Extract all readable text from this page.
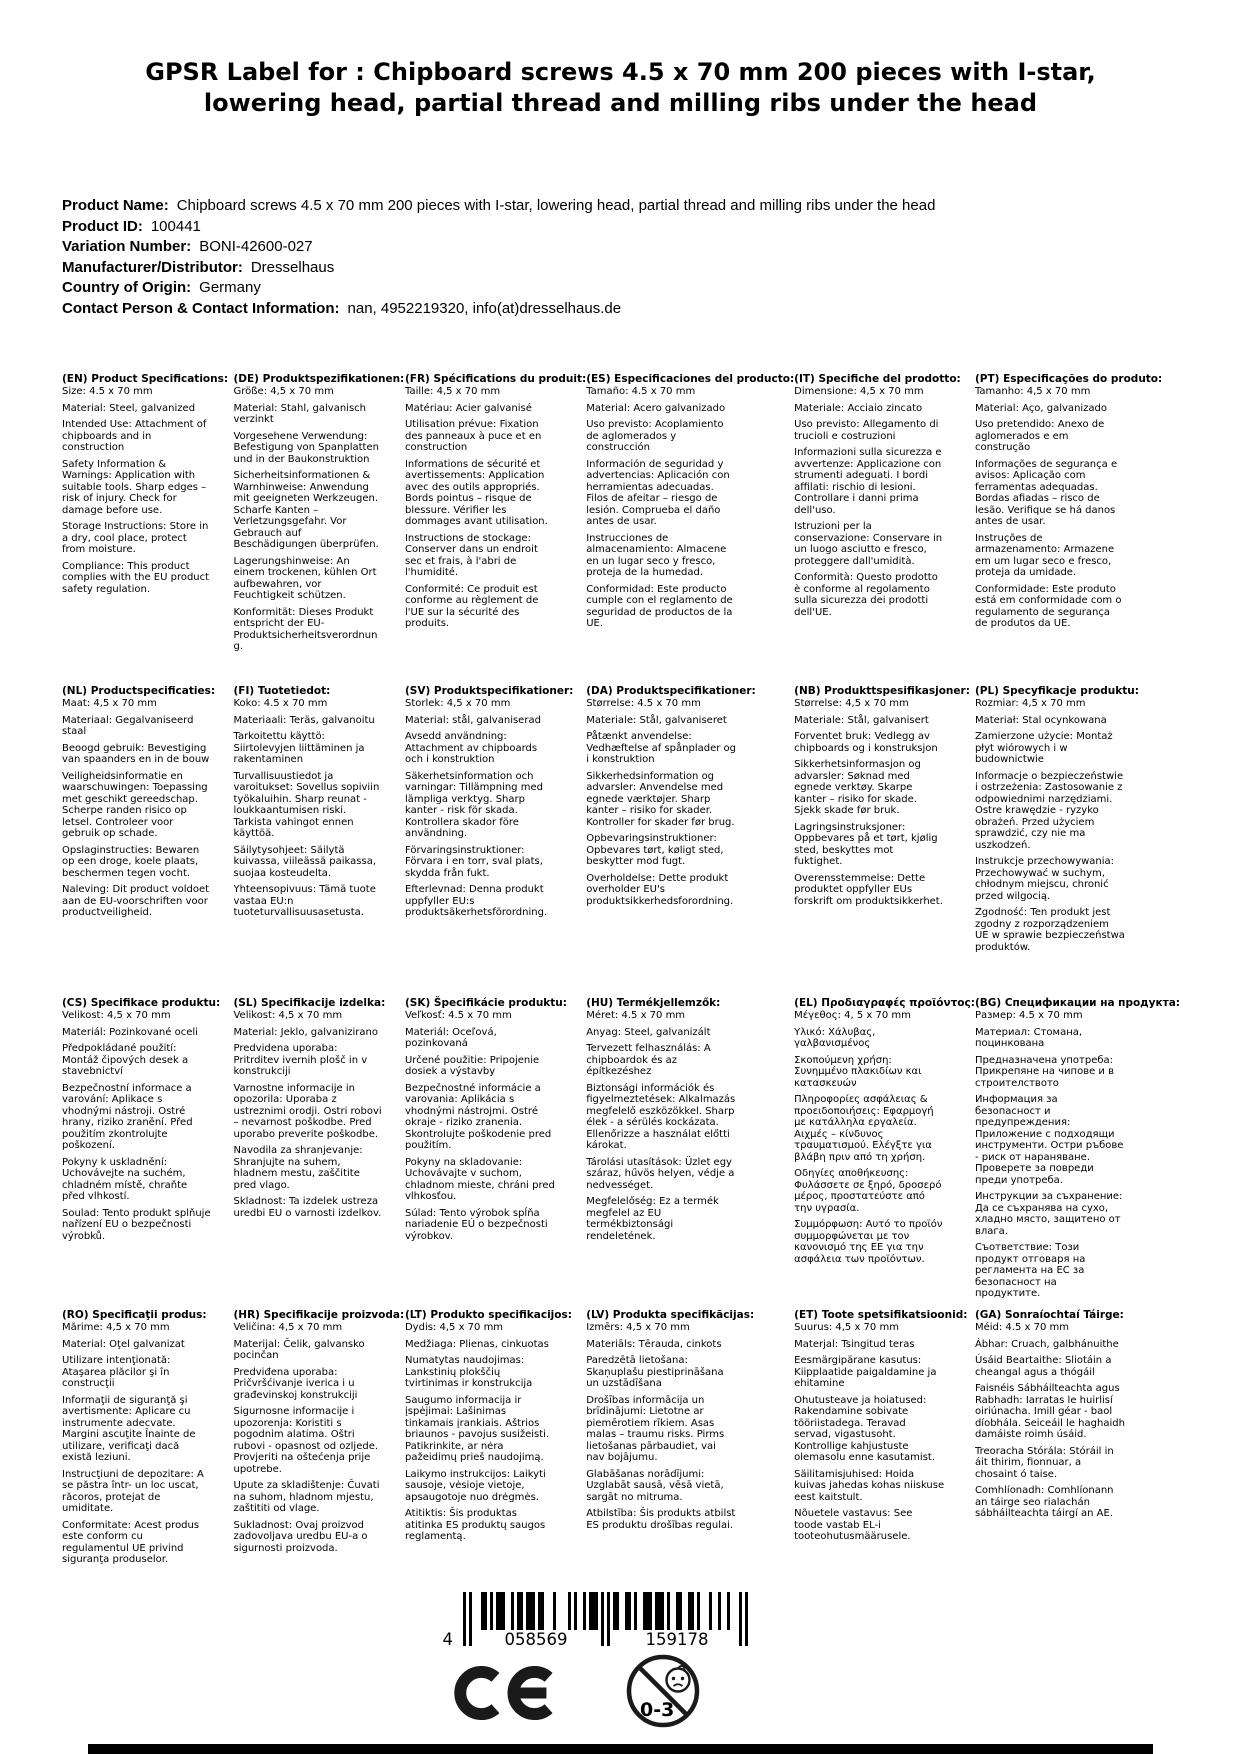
GPSR Label for : Chipboard screws 4.5 x 70 mm 200 pieces with I-star, lowering head, partial thread and milling ribs under the head
Product Name: Chipboard screws 4.5 x 70 mm 200 pieces with I-star, lowering head, partial thread and milling ribs under the head
Product ID: 100441
Variation Number: BONI-42600-027
Manufacturer/Distributor: Dresselhaus
Country of Origin: Germany
Contact Person & Contact Information: nan, 4952219320, info(at)dresselhaus.de
(EN) Product Specifications:

Size: 4.5 x 70 mm

Material: Steel, galvanized

Intended Use: Attachment of chipboards and in construction

Safety Information & Warnings: Application with suitable tools. Sharp edges – risk of injury. Check for damage before use.

Storage Instructions: Store in a dry, cool place, protect from moisture.

Compliance: This product complies with the EU product safety regulation.

(DE) Produktspezifikationen:

Größe: 4,5 x 70 mm

Material: Stahl, galvanisch verzinkt

Vorgesehene Verwendung: Befestigung von Spanplatten und in der Baukonstruktion

Sicherheitsinformationen & Warnhinweise: Anwendung mit geeigneten Werkzeugen. Scharfe Kanten – Verletzungsgefahr. Vor Gebrauch auf Beschädigungen überprüfen.

Lagerungshinweise: An einem trockenen, kühlen Ort aufbewahren, vor Feuchtigkeit schützen.

Konformität: Dieses Produkt entspricht der EU-Produktsicherheitsverordnung.

(FR) Spécifications du produit:

Taille: 4,5 x 70 mm

Matériau: Acier galvanisé

Utilisation prévue: Fixation des panneaux à puce et en construction

Informations de sécurité et avertissements: Application avec des outils appropriés. Bords pointus – risque de blessure. Vérifier les dommages avant utilisation.

Instructions de stockage: Conserver dans un endroit sec et frais, à l'abri de l'humidité.

Conformité: Ce produit est conforme au règlement de l'UE sur la sécurité des produits.

(ES) Especificaciones del producto:

Tamaño: 4.5 x 70 mm

Material: Acero galvanizado

Uso previsto: Acoplamiento de aglomerados y construcción

Información de seguridad y advertencias: Aplicación con herramientas adecuadas. Filos de afeitar – riesgo de lesión. Comprueba el daño antes de usar.

Instrucciones de almacenamiento: Almacene en un lugar seco y fresco, proteja de la humedad.

Conformidad: Este producto cumple con el reglamento de seguridad de productos de la UE.

(IT) Specifiche del prodotto:

Dimensione: 4,5 x 70 mm

Materiale: Acciaio zincato

Uso previsto: Allegamento di trucioli e costruzioni

Informazioni sulla sicurezza e avvertenze: Applicazione con strumenti adeguati. I bordi affilati: rischio di lesioni. Controllare i danni prima dell'uso.

Istruzioni per la conservazione: Conservare in un luogo asciutto e fresco, proteggere dall'umidità.

Conformità: Questo prodotto è conforme al regolamento sulla sicurezza dei prodotti dell'UE.

(PT) Especificações do produto:

Tamanho: 4,5 x 70 mm

Material: Aço, galvanizado

Uso pretendido: Anexo de aglomerados e em construção

Informações de segurança e avisos: Aplicação com ferramentas adequadas. Bordas afiadas – risco de lesão. Verifique se há danos antes de usar.

Instruções de armazenamento: Armazene em um lugar seco e fresco, proteja da umidade.

Conformidade: Este produto está em conformidade com o regulamento de segurança de produtos da UE.

(NL) Productspecificaties:

Maat: 4,5 x 70 mm

Materiaal: Gegalvaniseerd staal

Beoogd gebruik: Bevestiging van spaanders en in de bouw

Veiligheidsinformatie en waarschuwingen: Toepassing met geschikt gereedschap. Scherpe randen risico op letsel. Controleer voor gebruik op schade.

Opslaginstructies: Bewaren op een droge, koele plaats, beschermen tegen vocht.

Naleving: Dit product voldoet aan de EU-voorschriften voor productveiligheid.

(FI) Tuotetiedot:

Koko: 4.5 x 70 mm

Materiaali: Teräs, galvanoitu

Tarkoitettu käyttö: Siirtolevyjen liittäminen ja rakentaminen

Turvallisuustiedot ja varoitukset: Sovellus sopiviin työkaluihin. Sharp reunat - loukkaantumisen riski. Tarkista vahingot ennen käyttöä.

Säilytysohjeet: Säilytä kuivassa, viileässä paikassa, suojaa kosteudelta.

Yhteensopivuus: Tämä tuote vastaa EU:n tuoteturvallisuusasetusta.

(SV) Produktspecifikationer:

Storlek: 4,5 x 70 mm

Material: stål, galvaniserad

Avsedd användning: Attachment av chipboards och i konstruktion

Säkerhetsinformation och varningar: Tillämpning med lämpliga verktyg. Sharp kanter - risk för skada. Kontrollera skador före användning.

Förvaringsinstruktioner: Förvara i en torr, sval plats, skydda från fukt.

Efterlevnad: Denna produkt uppfyller EU:s produktsäkerhetsförordning.

(DA) Produktspecifikationer:

Størrelse: 4.5 x 70 mm

Materiale: Stål, galvaniseret

Påtænkt anvendelse: Vedhæftelse af spånplader og i konstruktion

Sikkerhedsinformation og advarsler: Anvendelse med egnede værktøjer. Sharp kanter – risiko for skader. Kontroller for skader før brug.

Opbevaringsinstruktioner: Opbevares tørt, køligt sted, beskytter mod fugt.

Overholdelse: Dette produkt overholder EU's produktsikkerhedsforordning.

(NB) Produkttspesifikasjoner:

Størrelse: 4,5 x 70 mm

Materiale: Stål, galvanisert

Forventet bruk: Vedlegg av chipboards og i konstruksjon

Sikkerhetsinformasjon og advarsler: Søknad med egnede verktøy. Skarpe kanter – risiko for skade. Sjekk skade før bruk.

Lagringsinstruksjoner: Oppbevares på et tørt, kjølig sted, beskyttes mot fuktighet.

Overensstemmelse: Dette produktet oppfyller EUs forskrift om produktsikkerhet.

(PL) Specyfikacje produktu:

Rozmiar: 4,5 x 70 mm

Materiał: Stal ocynkowana

Zamierzone użycie: Montaż płyt wiórowych i w budownictwie

Informacje o bezpieczeństwie i ostrzeżenia: Zastosowanie z odpowiednimi narzędziami. Ostre krawędzie - ryzyko obrażeń. Przed użyciem sprawdzić, czy nie ma uszkodzeń.

Instrukcje przechowywania: Przechowywać w suchym, chłodnym miejscu, chronić przed wilgocią.

Zgodność: Ten produkt jest zgodny z rozporządzeniem UE w sprawie bezpieczeństwa produktów.

(CS) Specifikace produktu:

Velikost: 4,5 x 70 mm

Materiál: Pozinkované oceli

Předpokládané použití: Montáž čipových desek a stavebnictví

Bezpečnostní informace a varování: Aplikace s vhodnými nástroji. Ostré hrany, riziko zranění. Před použitím zkontrolujte poškození.

Pokyny k uskladnění: Uchovávejte na suchém, chladném místě, chraňte před vlhkostí.

Soulad: Tento produkt splňuje nařízení EU o bezpečnosti výrobků.

(SL) Specifikacije izdelka:

Velikost: 4,5 x 70 mm

Material: Jeklo, galvanizirano

Predvidena uporaba: Pritrditev ivernih plošč in v konstrukciji

Varnostne informacije in opozorila: Uporaba z ustreznimi orodji. Ostri robovi – nevarnost poškodbe. Pred uporabo preverite poškodbe.

Navodila za shranjevanje: Shranjujte na suhem, hladnem mestu, zaščitite pred vlago.

Skladnost: Ta izdelek ustreza uredbi EU o varnosti izdelkov.

(SK) Špecifikácie produktu:

Veľkosť: 4.5 x 70 mm

Materiál: Oceľová, pozinkovaná

Určené použitie: Pripojenie dosiek a výstavby

Bezpečnostné informácie a varovania: Aplikácia s vhodnými nástrojmi. Ostré okraje - riziko zranenia. Skontrolujte poškodenie pred použitím.

Pokyny na skladovanie: Uchovávajte v suchom, chladnom mieste, chráni pred vlhkosťou.

Súlad: Tento výrobok spĺňa nariadenie EÚ o bezpečnosti výrobkov.

(HU) Termékjellemzők:

Méret: 4.5 x 70 mm

Anyag: Steel, galvanizált

Tervezett felhasználás: A chipboardok és az építkezéshez

Biztonsági információk és figyelmeztetések: Alkalmazás megfelelő eszközökkel. Sharp élek - a sérülés kockázata. Ellenőrizze a használat előtti károkat.

Tárolási utasítások: Üzlet egy száraz, hűvös helyen, védje a nedvességet.

Megfelelőség: Ez a termék megfelel az EU termékbiztonsági rendeletének.

(EL) Προδιαγραφές προϊόντος:

Μέγεθος: 4, 5 x 70 mm

Υλικό: Χάλυβας, γαλβανισμένος

Σκοπούμενη χρήση: Συνημμένο πλακιδίων και κατασκευών

Πληροφορίες ασφάλειας & προειδοποιήσεις: Εφαρμογή με κατάλληλα εργαλεία. Αιχμές – κίνδυνος τραυματισμού. Ελέγξτε για βλάβη πριν από τη χρήση.

Οδηγίες αποθήκευσης: Φυλάσσετε σε ξηρό, δροσερό μέρος, προστατεύστε από την υγρασία.

Συμμόρφωση: Αυτό το προϊόν συμμορφώνεται με τον κανονισμό της ΕΕ για την ασφάλεια των προϊόντων.

(BG) Спецификации на продукта:

Размер: 4.5 x 70 mm

Материал: Стомана, поцинкована

Предназначена употреба: Прикрепяне на чипове и в строителството

Информация за безопасност и предупреждения: Приложение с подходящи инструменти. Остри ръбове - риск от нараняване. Проверете за повреди преди употреба.

Инструкции за съхранение: Да се съхранява на сухо, хладно място, защитено от влага.

Съответствие: Този продукт отговаря на регламента на ЕС за безопасност на продуктите.

(RO) Specificaţii produs:

Mărime: 4,5 x 70 mm

Material: Oţel galvanizat

Utilizare intenţionată: Ataşarea plăcilor şi în construcţii

Informaţii de siguranţă şi avertismente: Aplicare cu instrumente adecvate. Margini ascuţite Înainte de utilizare, verificaţi dacă există leziuni.

Instrucţiuni de depozitare: A se păstra într- un loc uscat, răcoros, protejat de umiditate.

Conformitate: Acest produs este conform cu regulamentul UE privind siguranţa produselor.

(HR) Specifikacije proizvoda:

Veličina: 4,5 x 70 mm

Materijal: Čelik, galvansko pocinčan

Predviđena uporaba: Pričvršćivanje iverica i u građevinskoj konstrukciji

Sigurnosne informacije i upozorenja: Koristiti s pogodnim alatima. Oštri rubovi - opasnost od ozljede. Provjeriti na oštećenja prije upotrebe.

Upute za skladištenje: Čuvati na suhom, hladnom mjestu, zaštititi od vlage.

Sukladnost: Ovaj proizvod zadovoljava uredbu EU-a o sigurnosti proizvoda.

(LT) Produkto specifikacijos:

Dydis: 4,5 x 70 mm

Medžiaga: Plienas, cinkuotas

Numatytas naudojimas: Lankstinių plokščių tvirtinimas ir konstrukcija

Saugumo informacija ir įspėjimai: Lašinimas tinkamais įrankiais. Aštrios briaunos - pavojus susižeisti. Patikrinkite, ar nėra pažeidimų prieš naudojimą.

Laikymo instrukcijos: Laikyti sausoje, vėsioje vietoje, apsaugotoje nuo drėgmės.

Atitiktis: Šis produktas atitinka ES produktų saugos reglamentą.

(LV) Produkta specifikācijas:

Izmērs: 4,5 x 70 mm

Materiāls: Tērauda, cinkots

Paredzētā lietošana: Skaņuplašu piestiprināšana un uzstādīšana

Drošības informācija un brīdinājumi: Lietotne ar piemērotiem rīkiem. Asas malas – traumu risks. Pirms lietošanas pārbaudiet, vai nav bojājumu.

Glabāšanas norādījumi: Uzglabāt sausā, vēsā vietā, sargāt no mitruma.

Atbilstība: Šis produkts atbilst ES produktu drošības regulai.

(ET) Toote spetsifikatsioonid:

Suurus: 4,5 x 70 mm

Materjal: Tsingitud teras

Eesmärgipärane kasutus: Kiipplaatide paigaldamine ja ehitamine

Ohutusteave ja hoiatused: Rakendamine sobivate tööriistadega. Teravad servad, vigastusoht. Kontrollige kahjustuste olemasolu enne kasutamist.

Säilitamisjuhised: Hoida kuivas jahedas kohas niiskuse eest kaitstult.

Nõuetele vastavus: See toode vastab EL-i tooteohutusmäärusele.

(GA) Sonraíochtaí Táirge:

Méid: 4.5 x 70 mm

Ábhar: Cruach, galbhánuithe

Úsáid Beartaithe: Sliotáin a cheangal agus a thógáil

Faisnéis Sábháilteachta agus Rabhadh: Iarratas le huirlisí oiriúnacha. Imill géar - baol díobhála. Seiceáil le haghaidh damáiste roimh úsáid.

Treoracha Stórála: Stóráil in áit thirim, fionnuar, a chosaint ó taise.

Comhlíonadh: Comhlíonann an táirge seo rialachán sábháilteachta táirgí an AE.

4	058569	159178
0-3
